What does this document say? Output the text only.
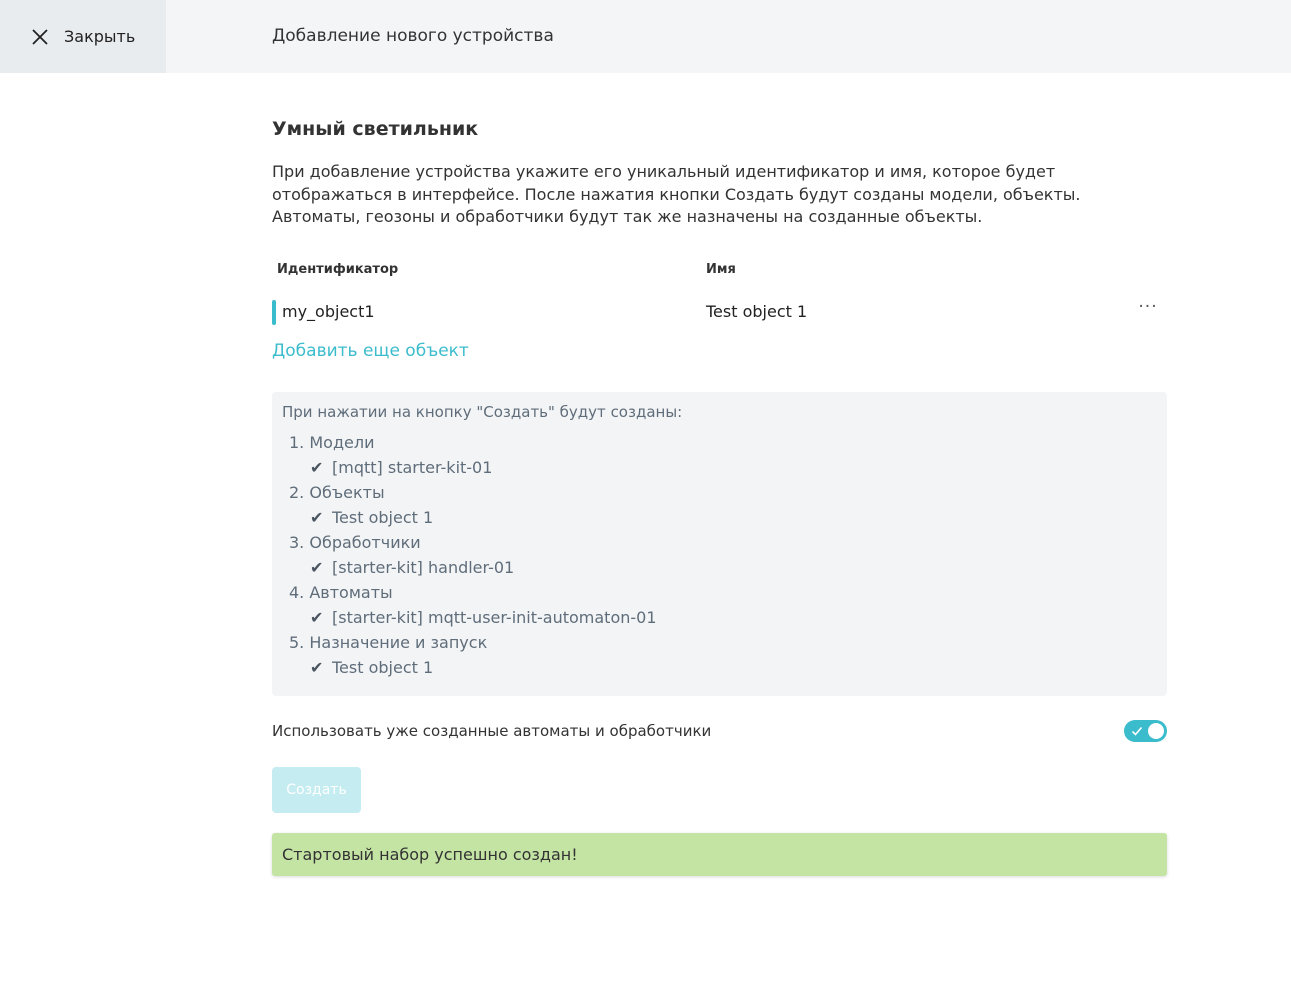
Закрыть	Добавление нового устройства
Умный светильник
При добавление устройства укажите его уникальный идентификатор и имя, которое будет отображаться в интерфейсе. После нажатия кнопки Создать будут созданы модели, объекты. Автоматы, геозоны и обработчики будут так же назначены на созданные объекты.
Идентификатор	Имя
my_object1	Test object 1	···
Добавить еще объект
При нажатии на кнопку "Создать" будут созданы:
1. Модели
✔ [mqtt] starter-kit-01
2. Объекты
✔ Test object 1
3. Обработчики
✔ [starter-kit] handler-01
4. Автоматы
✔ [starter-kit] mqtt-user-init-automaton-01
5. Назначение и запуск
✔ Test object 1
Использовать уже созданные автоматы и обработчики
Создать
Стартовый набор успешно создан!
